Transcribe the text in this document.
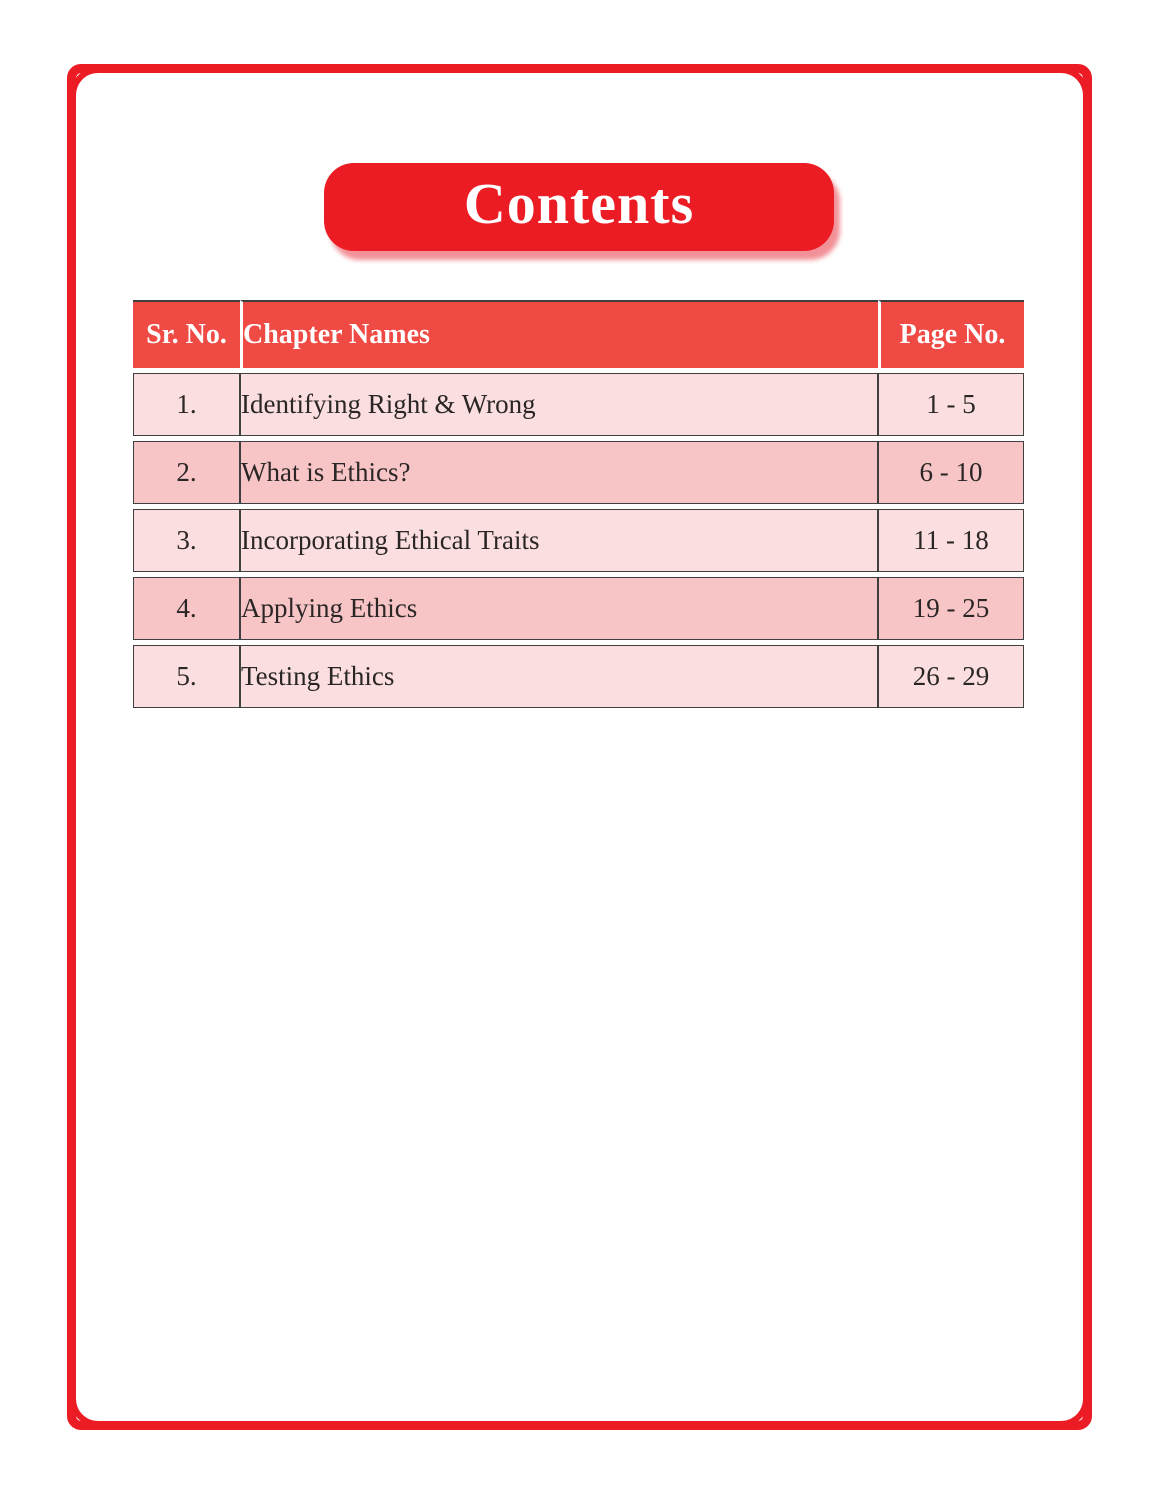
Contents
Sr. No.	Chapter Names	Page No.
1.	Identifying Right & Wrong	1 - 5
2.	What is Ethics?	6 - 10
3.	Incorporating Ethical Traits	11 - 18
4.	Applying Ethics	19 - 25
5.	Testing Ethics	26 - 29
